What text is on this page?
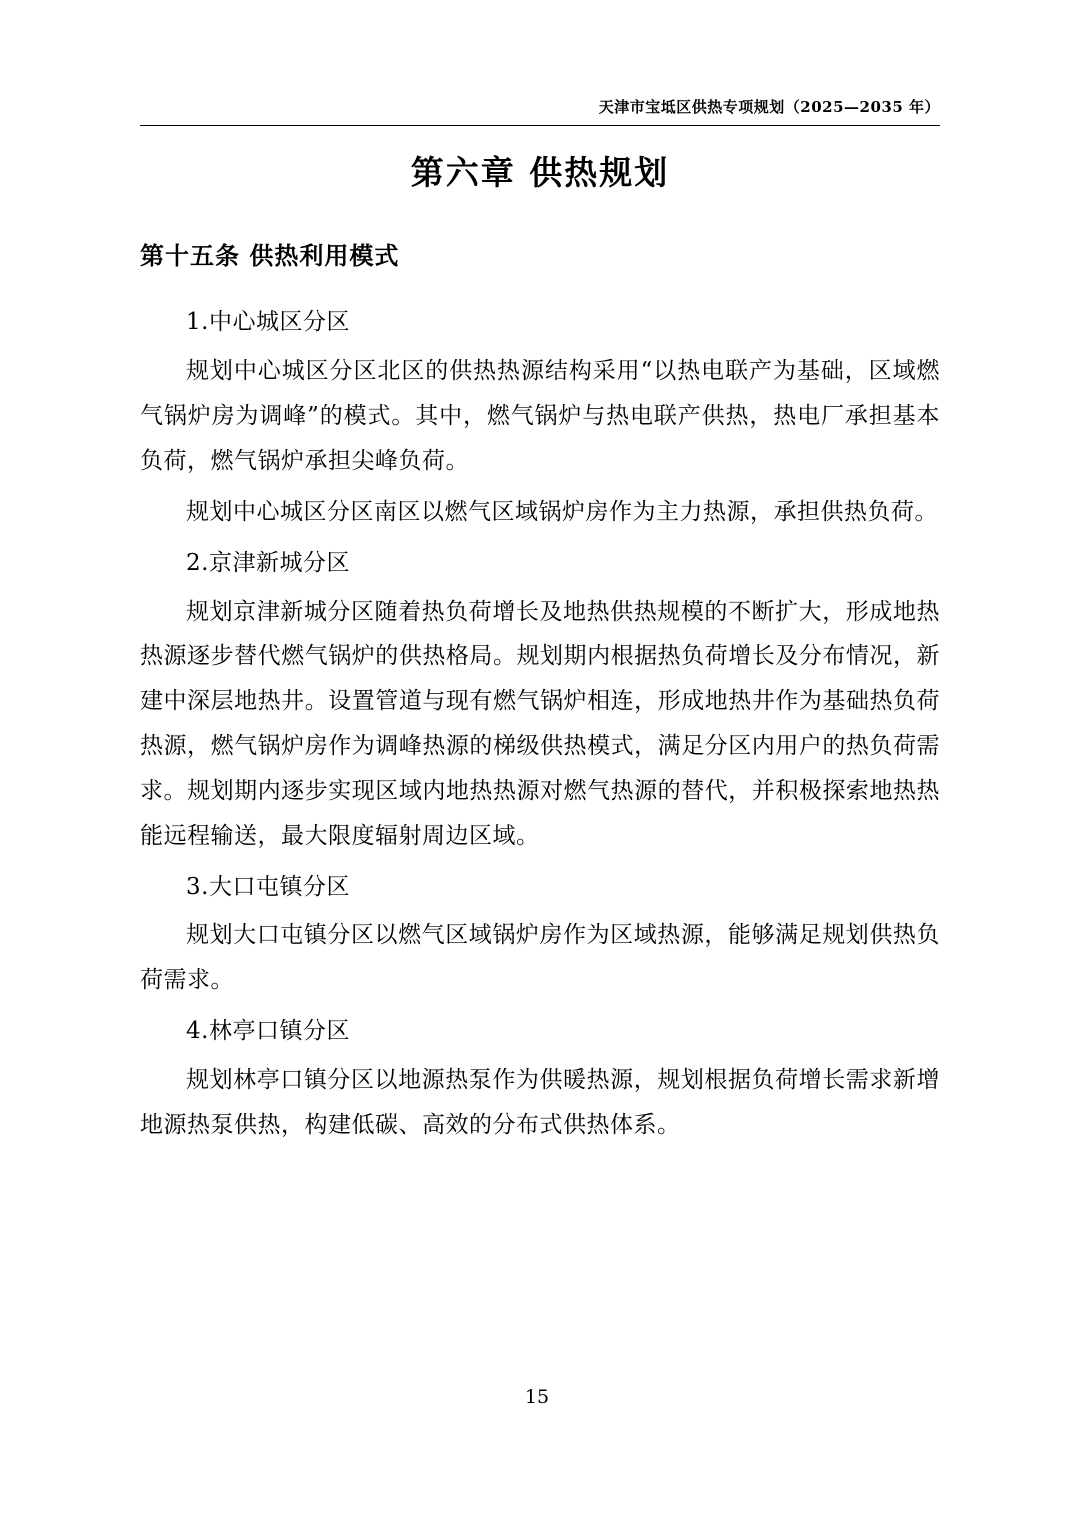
天津市宝坻区供热专项规划（2025—2035 年）
第六章 供热规划
第十五条 供热利用模式

1.中心城区分区

规划中心城区分区北区的供热热源结构采用“以热电联产为基础，区域燃气锅炉房为调峰”的模式。其中，燃气锅炉与热电联产供热，热电厂承担基本负荷，燃气锅炉承担尖峰负荷。

规划中心城区分区南区以燃气区域锅炉房作为主力热源，承担供热负荷。

2.京津新城分区

规划京津新城分区随着热负荷增长及地热供热规模的不断扩大，形成地热热源逐步替代燃气锅炉的供热格局。规划期内根据热负荷增长及分布情况，新建中深层地热井。设置管道与现有燃气锅炉相连，形成地热井作为基础热负荷热源，燃气锅炉房作为调峰热源的梯级供热模式，满足分区内用户的热负荷需求。规划期内逐步实现区域内地热热源对燃气热源的替代，并积极探索地热热能远程输送，最大限度辐射周边区域。

3.大口屯镇分区

规划大口屯镇分区以燃气区域锅炉房作为区域热源，能够满足规划供热负荷需求。

4.林亭口镇分区

规划林亭口镇分区以地源热泵作为供暖热源，规划根据负荷增长需求新增地源热泵供热，构建低碳、高效的分布式供热体系。

15
